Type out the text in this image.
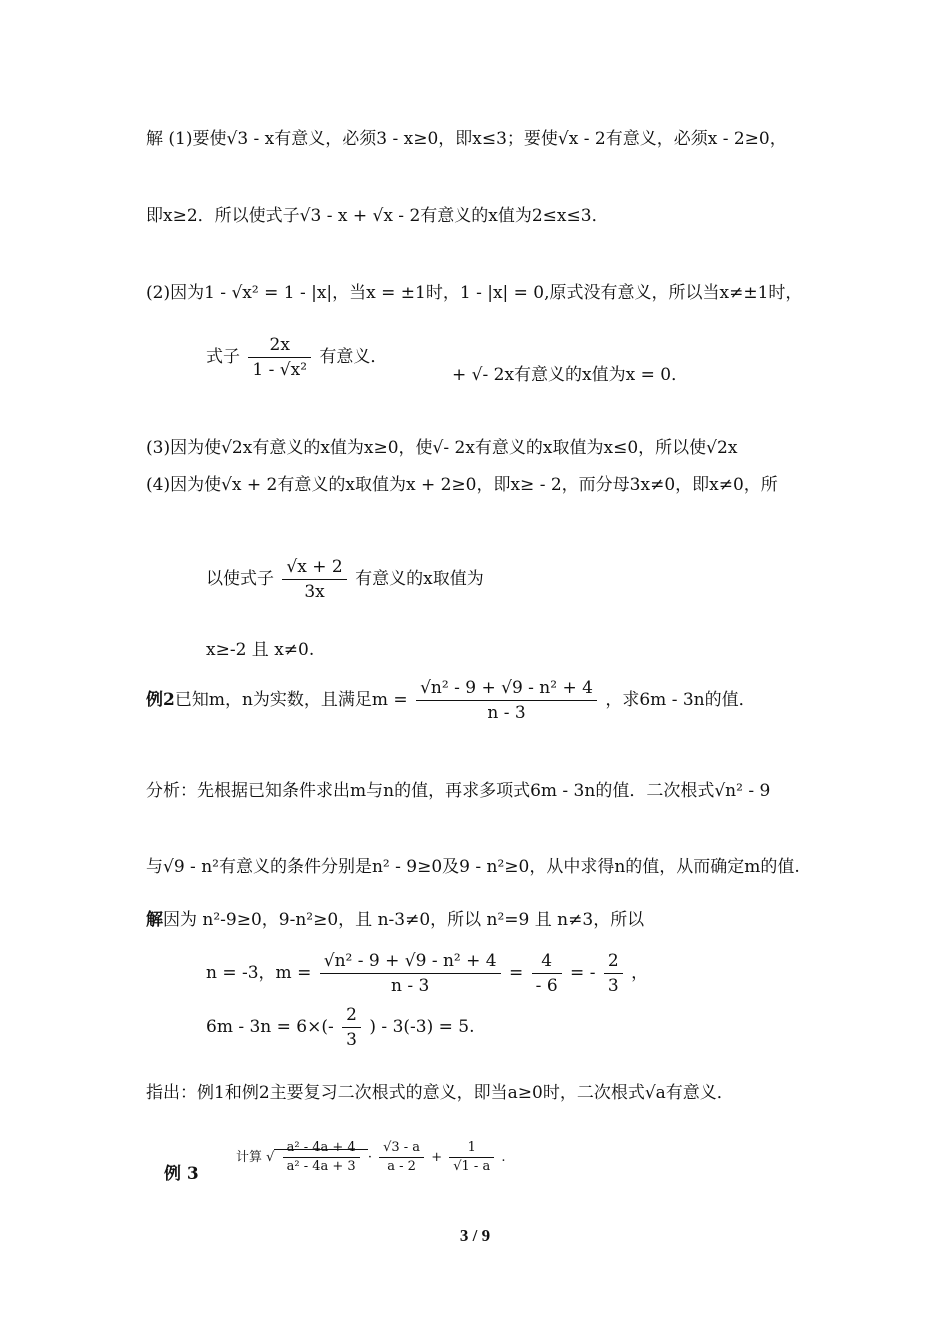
解 (1)要使√3 - x有意义，必须3 - x≥0，即x≤3；要使√x - 2有意义，必须x - 2≥0，
即x≥2．所以使式子√3 - x + √x - 2有意义的x值为2≤x≤3．
(2)因为1 - √x² = 1 - |x|，当x = ±1时，1 - |x| = 0,原式没有意义，所以当x≠±1时，
式子 $\frac{2x}{\text{1 - √x²}}$ 有意义．
+ √- 2x有意义的x值为x = 0．
(3)因为使√2x有意义的x值为x≥0，使√- 2x有意义的x取值为x≤0，所以使√2x
(4)因为使√x + 2有意义的x取值为x + 2≥0，即x≥ - 2，而分母3x≠0，即x≠0，所
以使式子 $\frac{√x + 2}{3x}$ 有意义的x取值为
x≥-2 且 x≠0.
例2已知m，n为实数，且满足$m = \frac{\text{√n² - 9 + √9 - n² + 4}}{n - 3}$ ，求6m - 3n的值．
分析：先根据已知条件求出m与n的值，再求多项式6m - 3n的值．二次根式√n² - 9
与√9 - n²有意义的条件分别是n² - 9≥0及9 - n²≥0，从中求得n的值，从而确定m的值.
解因为 n²-9≥0，9-n²≥0，且 n-3≠0，所以 n²=9 且 n≠3，所以
n = -3，$m = \frac{\text{√n² - 9 + √9 - n² + 4}}{n - 3} = \frac{4}{- 6}$ = - $\frac{2}{3}$ ，
$6m - 3n = 6\times(- \frac{2}{3}$ ) - 3(-3) = 5.
指出：例1和例2主要复习二次根式的意义，即当a≥0时，二次根式√a有意义．
计算 √ $\frac{\text{a² - 4a + 4}}{\text{a² - 4a + 3}} \cdot \frac{√3 - a}{a - 2} + \frac{1}{√1 - a}$ .
例 3
3 / 9
